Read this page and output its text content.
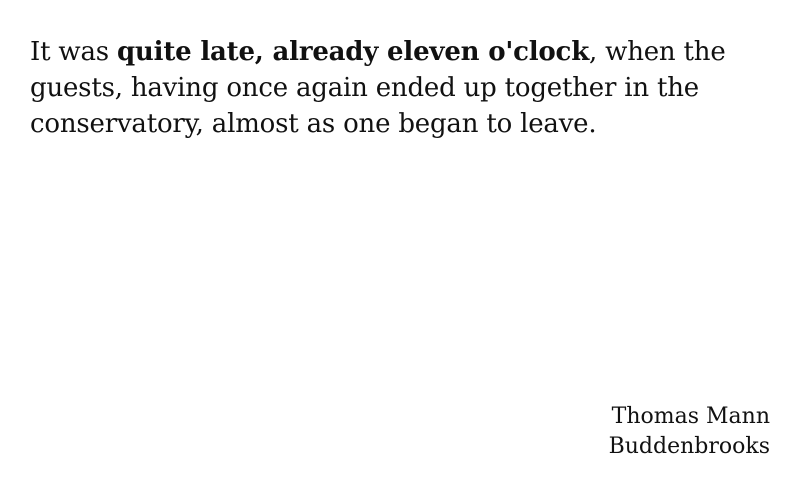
It was quite late, already eleven o'clock, when the guests, having once again ended up together in the conservatory, almost as one began to leave.

Thomas Mann
Buddenbrooks
